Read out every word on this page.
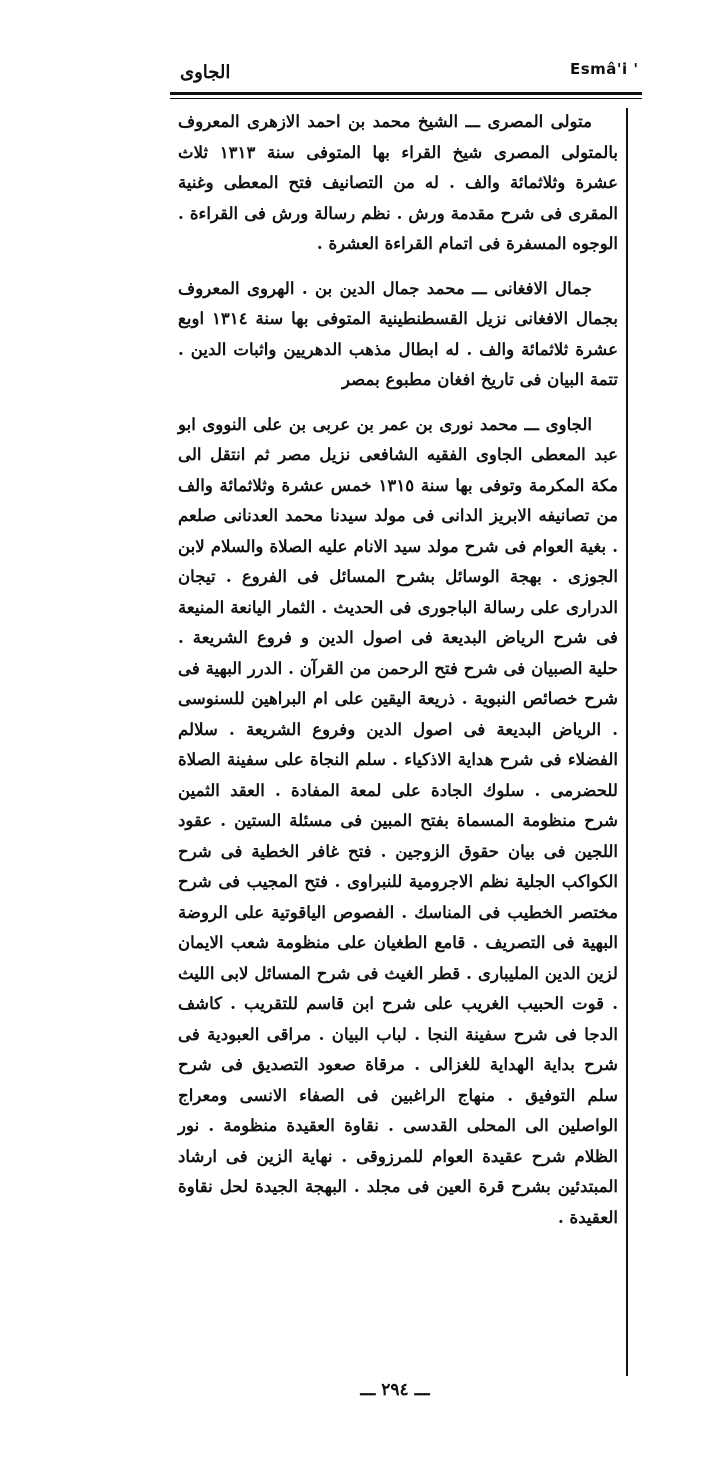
Esmâ'i '
الجاوى

متولى المصرى ـــ الشيخ محمد بن احمد الازهرى المعروف بالمتولى المصرى شيخ القراء بها المتوفى سنة ١٣١٣ ثلاث عشرة وثلاثمائة والف . له من التصانيف فتح المعطى وغنية المقرى فى شرح مقدمة ورش . نظم رسالة ورش فى القراءة . الوجوه المسفرة فى اتمام القراءة العشرة .

جمال الافغانى ـــ محمد جمال الدين بن . الهروى المعروف بجمال الافغانى نزيل القسطنطينية المتوفى بها سنة ١٣١٤ اوبع عشرة ثلاثمائة والف . له ابطال مذهب الدهريين واثبات الدين . تتمة البيان فى تاريخ افغان مطبوع بمصر

الجاوى ـــ محمد نورى بن عمر بن عربى بن على النووى ابو عبد المعطى الجاوى الفقيه الشافعى نزيل مصر ثم انتقل الى مكة المكرمة وتوفى بها سنة ١٣١٥ خمس عشرة وثلاثمائة والف من تصانيفه الابريز الدانى فى مولد سيدنا محمد العدنانى صلعم . بغية العوام فى شرح مولد سيد الانام عليه الصلاة والسلام لابن الجوزى . بهجة الوسائل بشرح المسائل فى الفروع . تيجان الدرارى على رسالة الباجورى فى الحديث . الثمار اليانعة المنيعة فى شرح الرياض البديعة فى اصول الدين و فروع الشريعة . حلية الصبيان فى شرح فتح الرحمن من القرآن . الدرر البهية فى شرح خصائص النبوية . ذريعة اليقين على ام البراهين للسنوسى . الرياض البديعة فى اصول الدين وفروع الشريعة . سلالم الفضلاء فى شرح هداية الاذكياء . سلم النجاة على سفينة الصلاة للحضرمى . سلوك الجادة على لمعة المفادة . العقد الثمين شرح منظومة المسماة بفتح المبين فى مسئلة الستين . عقود اللجين فى بيان حقوق الزوجين . فتح غافر الخطية فى شرح الكواكب الجلية نظم الاجرومية للنبراوى . فتح المجيب فى شرح مختصر الخطيب فى المناسك . الفصوص الياقوتية على الروضة البهية فى التصريف . قامع الطغيان على منظومة شعب الايمان لزين الدين المليبارى . قطر الغيث فى شرح المسائل لابى الليث . قوت الحبيب الغريب على شرح ابن قاسم للتقريب . كاشف الدجا فى شرح سفينة النجا . لباب البيان . مراقى العبودية فى شرح بداية الهداية للغزالى . مرقاة صعود التصديق فى شرح سلم التوفيق . منهاج الراغبين فى الصفاء الانسى ومعراج الواصلين الى المحلى القدسى . نقاوة العقيدة منظومة . نور الظلام شرح عقيدة العوام للمرزوقى . نهاية الزين فى ارشاد المبتدئين بشرح قرة العين فى مجلد . البهجة الجيدة لحل نقاوة العقيدة .

ـــ ٢٩٤ ـــ
